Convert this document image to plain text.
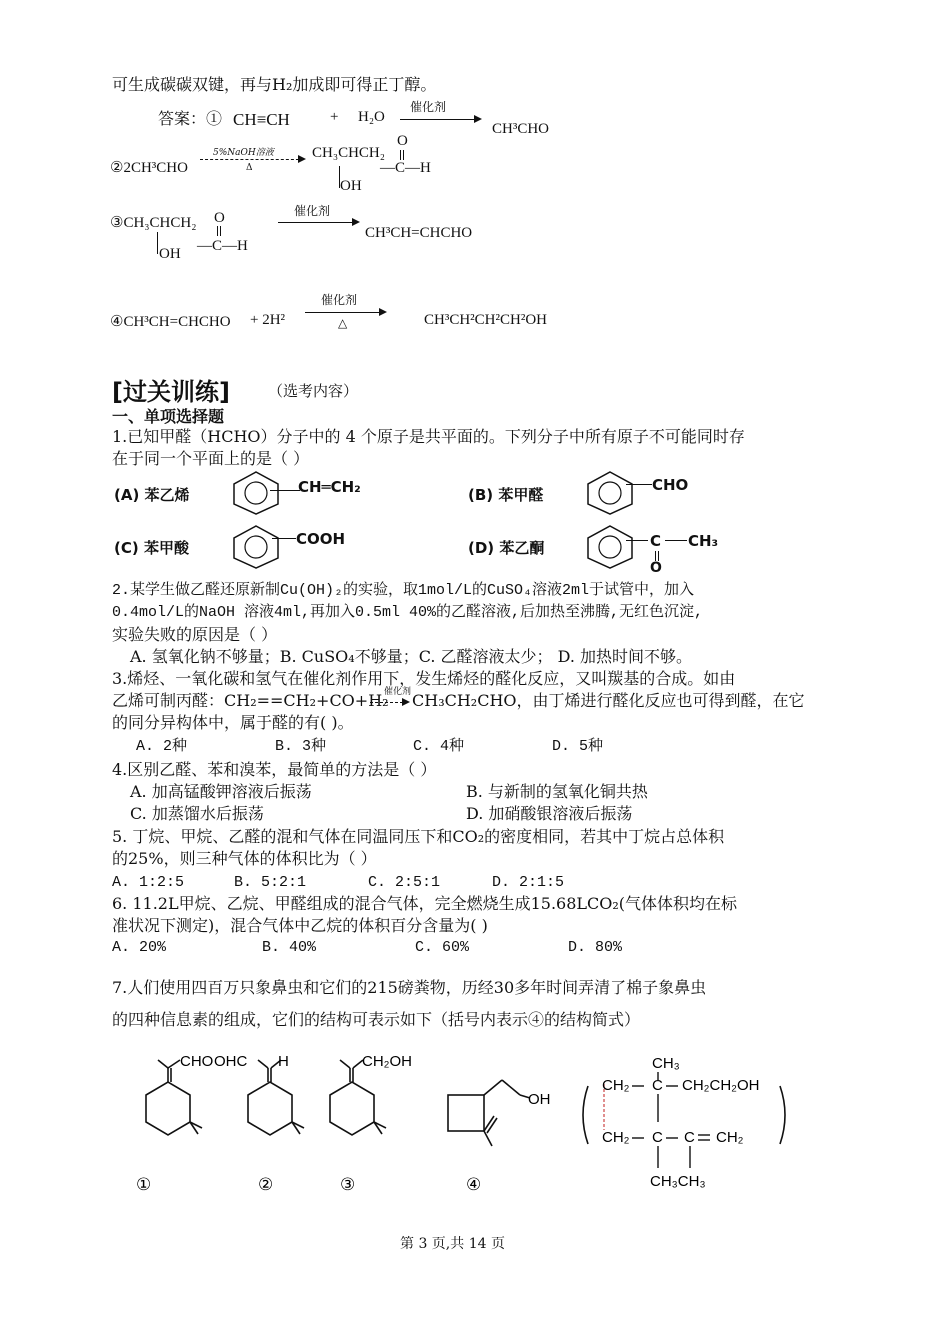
可生成碳碳双键，再与H₂加成即可得正丁醇。
答案：① CH≡CH	+ H₂O
催化剂
CH³CHO
②2CH³CHO
5%NaOH溶液
Δ
CH₃CHCH₂
OH
O
—C—H
③CH₃CHCH₂
OH
O
—C—H
催化剂
CH³CH=CHCHO
④CH³CH=CHCHO + 2H²
催化剂
△	CH³CH²CH²CH²OH
[过关训练]	（选考内容）
一、单项选择题
1.已知甲醛（HCHO）分子中的 4 个原子是共平面的。下列分子中所有原子不可能同时存
在于同一个平面上的是（ ）
(A) 苯乙烯	CH═CH₂	(B) 苯甲醛
CHO
(C) 苯甲酸	COOH	(D) 苯乙酮	C CH₃
O
2.某学生做乙醛还原新制Cu(OH)₂的实验，取1mol/L的CuSO₄溶液2ml于试管中，加入
0.4mol/L的NaOH 溶液4ml,再加入0.5ml 40%的乙醛溶液,后加热至沸腾,无红色沉淀,
实验失败的原因是（ ）
A. 氢氧化钠不够量；B. CuSO₄不够量；C. 乙醛溶液太少； D. 加热时间不够。
3.烯烃、一氧化碳和氢气在催化剂作用下，发生烯烃的醛化反应，又叫羰基的合成。如由
乙烯可制丙醛：CH₂==CH₂+CO+H₂
催化剂 CH₃CH₂CHO，由丁烯进行醛化反应也可得到醛，在它
的同分异构体中，属于醛的有( )。
A. 2种	B. 3种	C. 4种	D. 5种
4.区别乙醛、苯和溴苯，最简单的方法是（ ）
A. 加高锰酸钾溶液后振荡	B. 与新制的氢氧化铜共热
C. 加蒸馏水后振荡	D. 加硝酸银溶液后振荡
5. 丁烷、甲烷、乙醛的混和气体在同温同压下和CO₂的密度相同，若其中丁烷占总体积
的25%，则三种气体的体积比为（ ）
A. 1:2:5	B. 5:2:1	C. 2:5:1	D. 2:1:5
6. 11.2L甲烷、乙烷、甲醛组成的混合气体，完全燃烧生成15.68LCO₂(气体体积均在标
准状况下测定)，混合气体中乙烷的体积百分含量为( )
A. 20%	B. 40%	C. 60%	D. 80%
7.人们使用四百万只象鼻虫和它们的215磅粪物，历经30多年时间弄清了棉子象鼻虫
的四种信息素的组成，它们的结构可表示如下（括号内表示④的结构简式）
CHO
①
OHC H
②
CH₂OH
③
OH
④
CH₃
CH₂ C CH₂CH₂OH
CH₂ C C CH₂
CH₃CH₃
第 3 页,共 14 页
